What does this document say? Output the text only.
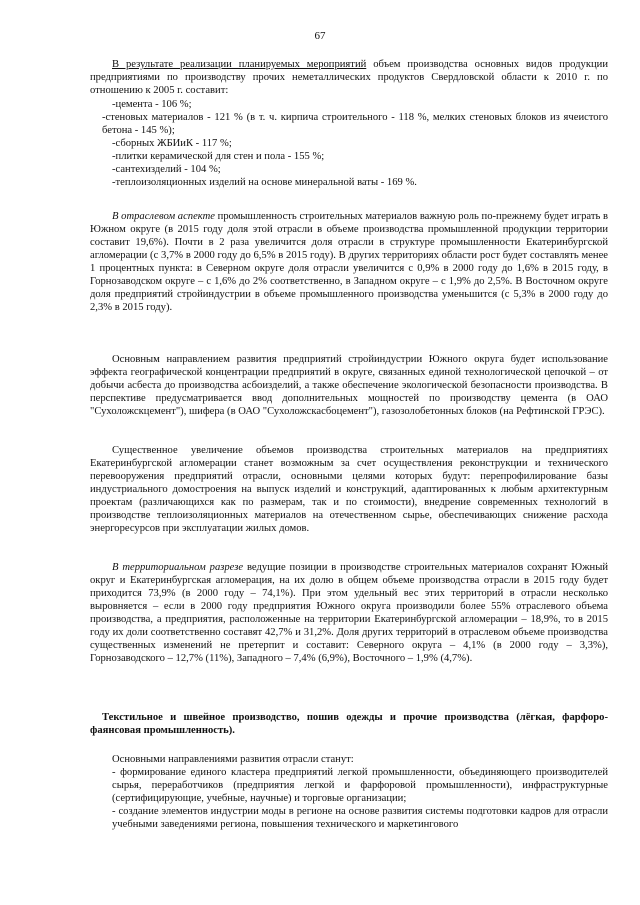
67

В результате реализации планируемых мероприятий объем производства основных видов продукции предприятиями по производству прочих неметаллических продуктов Свердловской области к 2010 г. по отношению к 2005 г. составит:

-цемента - 106 %;
-стеновых материалов - 121 % (в т. ч. кирпича строительного - 118 %, мелких стеновых блоков из ячеистого бетона - 145 %);
-сборных ЖБИиК - 117 %;
-плитки керамической для стен и пола - 155 %;
-сантехизделий - 104 %;
-теплоизоляционных изделий на основе минеральной ваты - 169 %.

В отраслевом аспекте промышленность строительных материалов важную роль по-прежнему будет играть в Южном округе (в 2015 году доля этой отрасли в объеме производства промышленной продукции территории составит 19,6%). Почти в 2 раза увеличится доля отрасли в структуре промышленности Екатеринбургской агломерации (с 3,7% в 2000 году до 6,5% в 2015 году). В других территориях области рост будет составлять менее 1 процентных пункта: в Северном округе доля отрасли увеличится с 0,9% в 2000 году до 1,6% в 2015 году, в Горнозаводском округе – с 1,6% до 2% соответственно, в Западном округе – с 1,9% до 2,5%. В Восточном округе доля предприятий стройиндустрии в объеме промышленного производства уменьшится (с 5,3% в 2000 году до 2,3% в 2015 году).

Основным направлением развития предприятий стройиндустрии Южного округа будет использование эффекта географической концентрации предприятий в округе, связанных единой технологической цепочкой – от добычи асбеста до производства асбоизделий, а также обеспечение экологической безопасности производства. В перспективе предусматривается ввод дополнительных мощностей по производству цемента (в ОАО "Сухоложскцемент"), шифера (в ОАО "Сухоложскасбоцемент"), газозолобетонных блоков (на Рефтинской ГРЭС).

Существенное увеличение объемов производства строительных материалов на предприятиях Екатеринбургской агломерации станет возможным за счет осуществления реконструкции и технического перевооружения предприятий отрасли, основными целями которых будут: перепрофилирование базы индустриального домостроения на выпуск изделий и конструкций, адаптированных к любым архитектурным проектам (различающихся как по размерам, так и по стоимости), внедрение современных технологий в производстве теплоизоляционных материалов на отечественном сырье, обеспечивающих снижение расхода энергоресурсов при эксплуатации жилых домов.

В территориальном разрезе ведущие позиции в производстве строительных материалов сохранят Южный округ и Екатеринбургская агломерация, на их долю в общем объеме производства отрасли в 2015 году будет приходится 73,9% (в 2000 году – 74,1%). При этом удельный вес этих территорий в отрасли несколько выровняется – если в 2000 году предприятия Южного округа производили более 55% отраслевого объема производства, а предприятия, расположенные на территории Екатеринбургской агломерации – 18,9%, то в 2015 году их доли соответственно составят 42,7% и 31,2%. Доля других территорий в отраслевом объеме производства существенных изменений не претерпит и составит: Северного округа – 4,1% (в 2000 году – 3,3%), Горнозаводского – 12,7% (11%), Западного – 7,4% (6,9%), Восточного – 1,9% (4,7%).

Текстильное и швейное производство, пошив одежды и прочие производства (лёгкая, фарфоро-фаянсовая промышленность).

Основными направлениями развития отрасли станут:

- формирование единого кластера предприятий легкой промышленности, объединяющего производителей сырья, переработчиков (предприятия легкой и фарфоровой промышленности), инфраструктурные (сертифицирующие, учебные, научные) и торговые организации;
- создание элементов индустрии моды в регионе на основе развития системы подготовки кадров для отрасли учебными заведениями региона, повышения технического и маркетингового
